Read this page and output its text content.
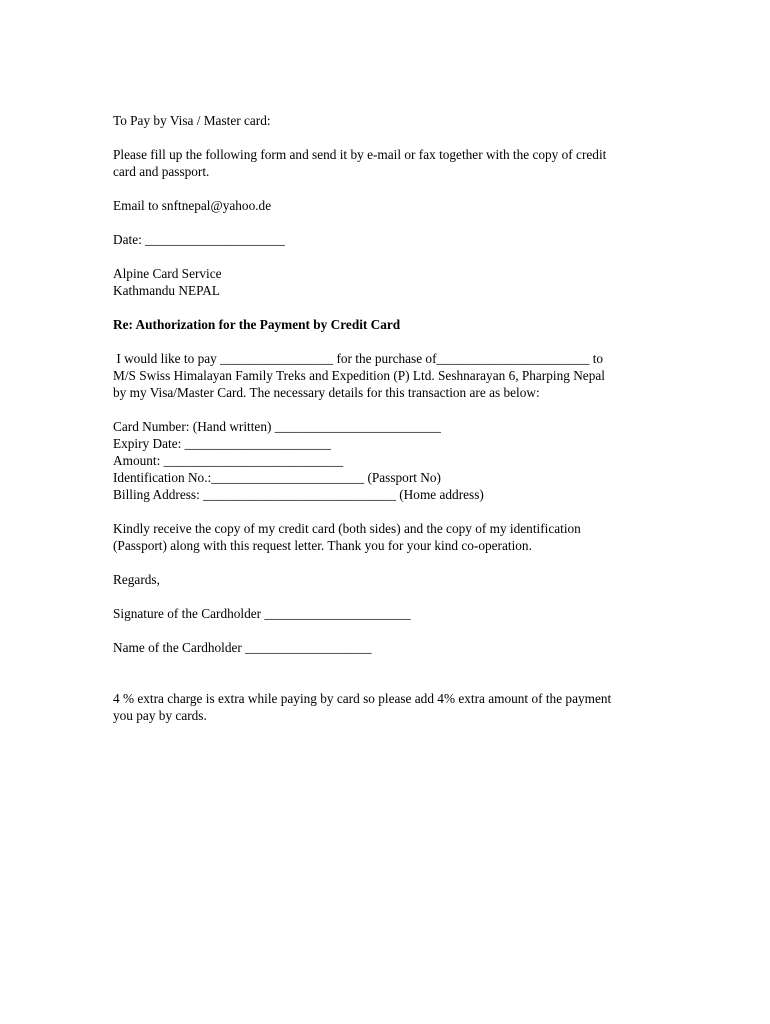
To Pay by Visa / Master card:
Please fill up the following form and send it by e-mail or fax together with the copy of credit
card and passport.
Email to snftnepal@yahoo.de
Date: _____________________
Alpine Card Service
Kathmandu NEPAL
Re: Authorization for the Payment by Credit Card
I would like to pay _________________ for the purchase of_______________________ to
M/S Swiss Himalayan Family Treks and Expedition (P) Ltd. Seshnarayan 6, Pharping Nepal
by my Visa/Master Card. The necessary details for this transaction are as below:
Card Number: (Hand written) _________________________
Expiry Date: ______________________
Amount: ___________________________
Identification No.:_______________________ (Passport No)
Billing Address: _____________________________ (Home address)
Kindly receive the copy of my credit card (both sides) and the copy of my identification
(Passport) along with this request letter. Thank you for your kind co-operation.
Regards,
Signature of the Cardholder ______________________
Name of the Cardholder ___________________
4 % extra charge is extra while paying by card so please add 4% extra amount of the payment
you pay by cards.
